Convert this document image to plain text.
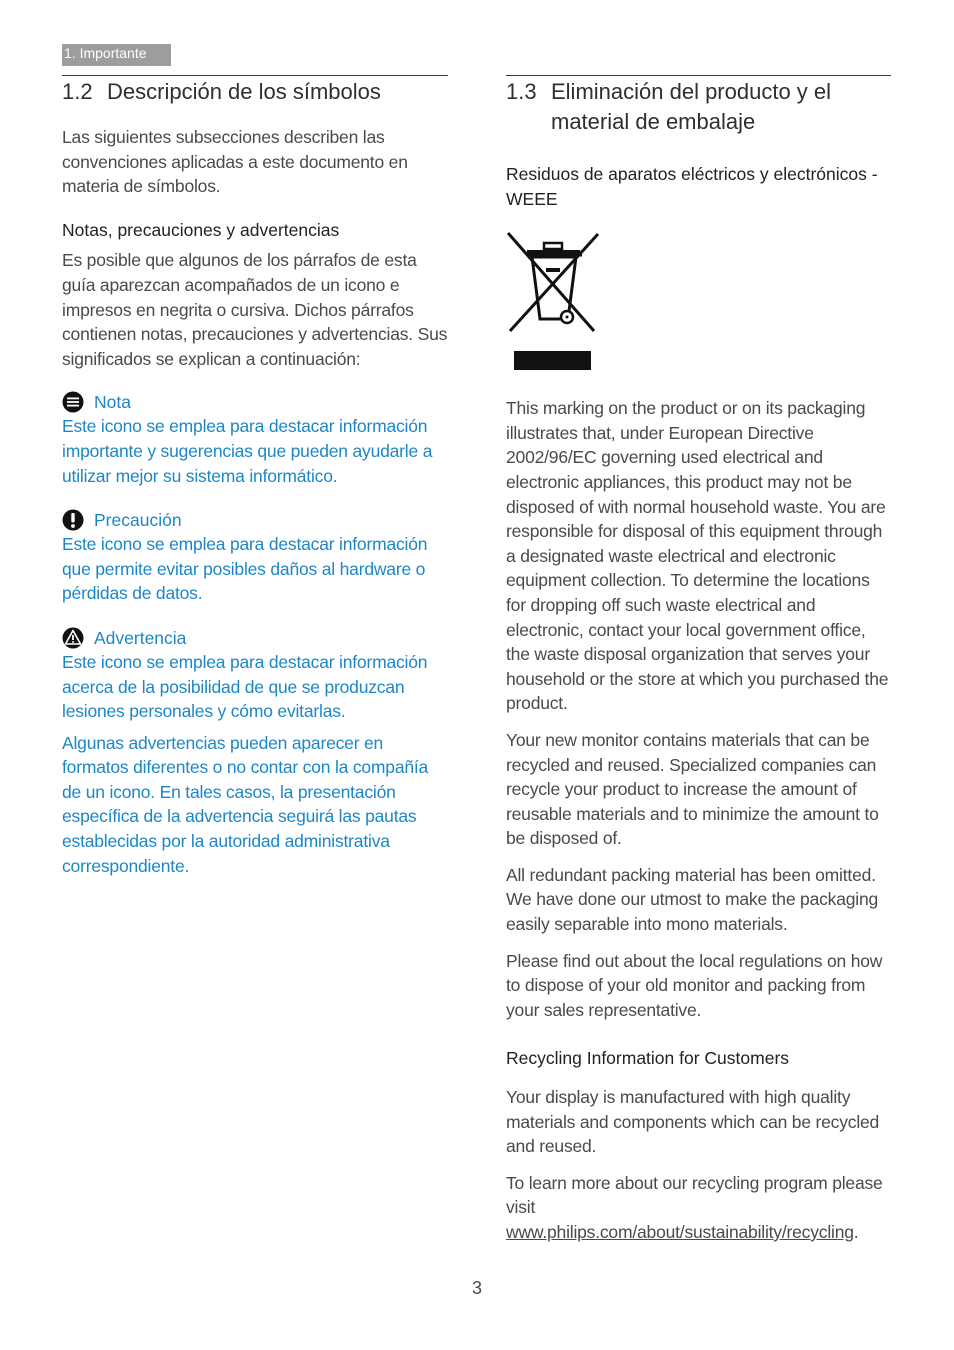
1. Importante
1.2 Descripción de los símbolos

Las siguientes subsecciones describen las convenciones aplicadas a este documento en materia de símbolos.

Notas, precauciones y advertencias

Es posible que algunos de los párrafos de esta guía aparezcan acompañados de un icono e impresos en negrita o cursiva. Dichos párrafos contienen notas, precauciones y advertencias. Sus significados se explican a continuación:

Nota

Este icono se emplea para destacar información importante y sugerencias que pueden ayudarle a utilizar mejor su sistema informático.

Precaución

Este icono se emplea para destacar información que permite evitar posibles daños al hardware o pérdidas de datos.

Advertencia

Este icono se emplea para destacar información acerca de la posibilidad de que se produzcan lesiones personales y cómo evitarlas.

Algunas advertencias pueden aparecer en formatos diferentes o no contar con la compañía de un icono. En tales casos, la presentación específica de la advertencia seguirá las pautas establecidas por la autoridad administrativa correspondiente.

1.3 Eliminación del producto y el material de embalaje
Residuos de aparatos eléctricos y electrónicos - WEEE

This marking on the product or on its packaging illustrates that, under European Directive 2002/96/EC governing used electrical and electronic appliances, this product may not be disposed of with normal household waste. You are responsible for disposal of this equipment through a designated waste electrical and electronic equipment collection. To determine the locations for dropping off such waste electrical and electronic, contact your local government office, the waste disposal organization that serves your household or the store at which you purchased the product.

Your new monitor contains materials that can be recycled and reused. Specialized companies can recycle your product to increase the amount of reusable materials and to minimize the amount to be disposed of.

All redundant packing material has been omitted. We have done our utmost to make the packaging easily separable into mono materials.

Please find out about the local regulations on how to dispose of your old monitor and packing from your sales representative.

Recycling Information for Customers

Your display is manufactured with high quality materials and components which can be recycled and reused.

To learn more about our recycling program please visit www.philips.com/about/sustainability/recycling.

3
